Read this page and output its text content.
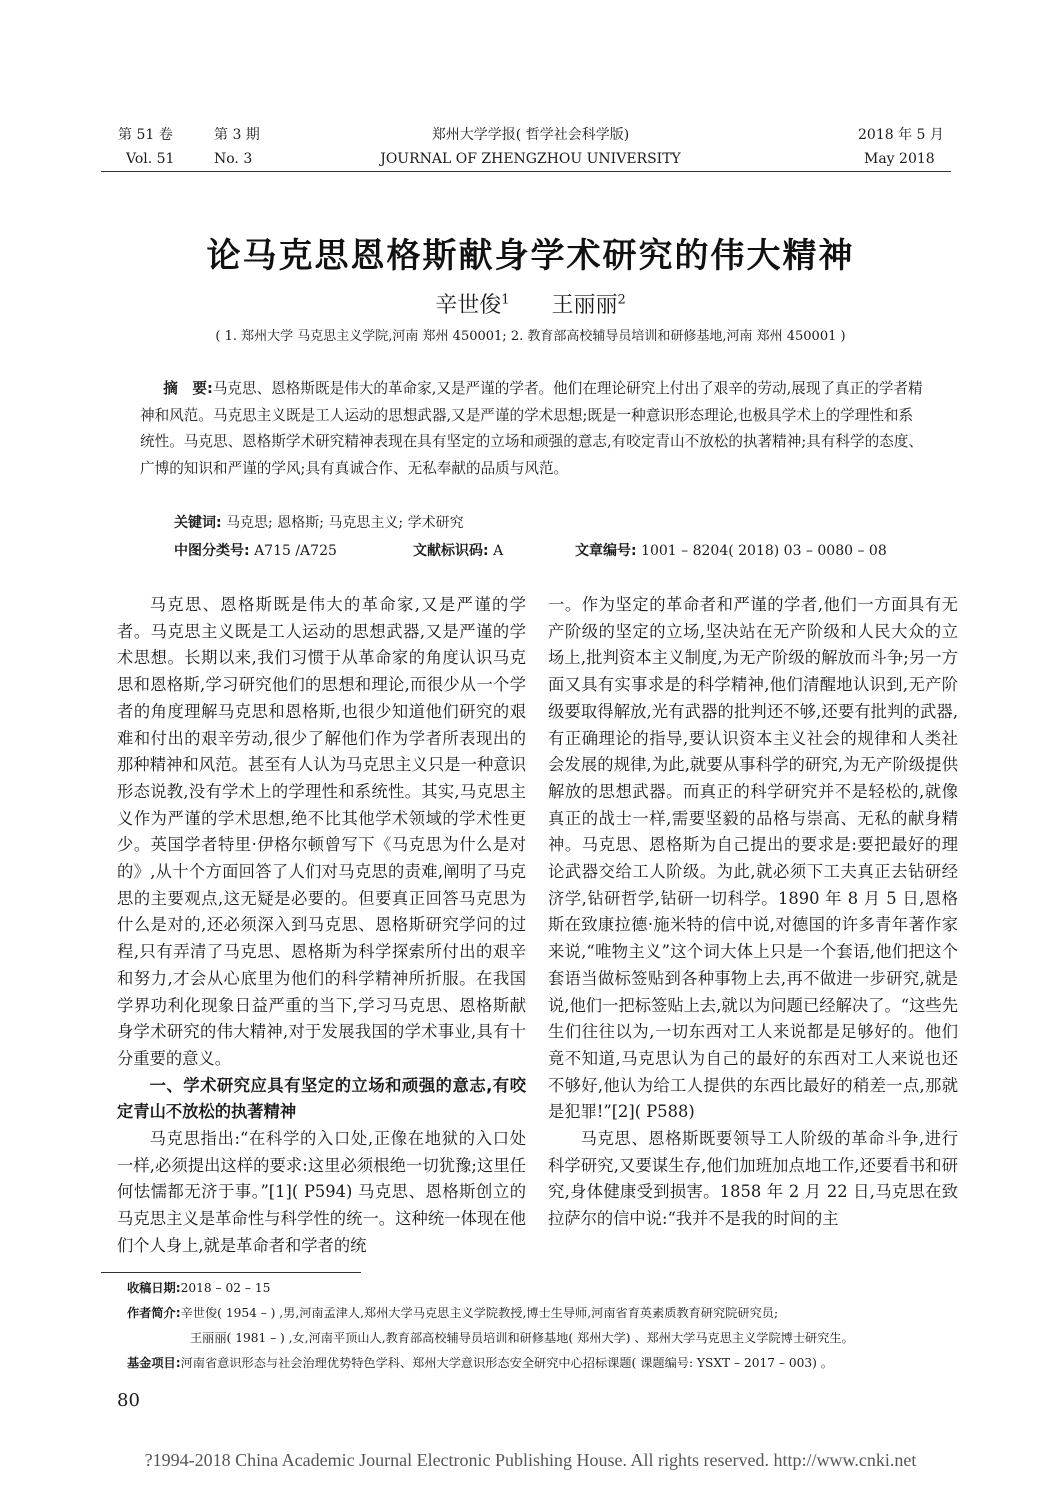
第 51 卷	第 3 期	郑州大学学报( 哲学社会科学版)	2018 年 5 月
Vol. 51	No. 3	JOURNAL OF ZHENGZHOU UNIVERSITY	May 2018
论马克思恩格斯献身学术研究的伟大精神
辛世俊$^1$ 王丽丽$^2$
( 1. 郑州大学 马克思主义学院,河南 郑州 450001; 2. 教育部高校辅导员培训和研修基地,河南 郑州 450001 )
摘　要:马克思、恩格斯既是伟大的革命家,又是严谨的学者。他们在理论研究上付出了艰辛的劳动,展现了真正的学者精神和风范。马克思主义既是工人运动的思想武器,又是严谨的学术思想;既是一种意识形态理论,也极具学术上的学理性和系统性。马克思、恩格斯学术研究精神表现在具有坚定的立场和顽强的意志,有咬定青山不放松的执著精神;具有科学的态度、广博的知识和严谨的学风;具有真诚合作、无私奉献的品质与风范。
关键词: 马克思; 恩格斯; 马克思主义; 学术研究
中图分类号: A715 /A725	文献标识码: A	文章编号: 1001 – 8204( 2018) 03 – 0080 – 08

马克思、恩格斯既是伟大的革命家,又是严谨的学者。马克思主义既是工人运动的思想武器,又是严谨的学术思想。长期以来,我们习惯于从革命家的角度认识马克思和恩格斯,学习研究他们的思想和理论,而很少从一个学者的角度理解马克思和恩格斯,也很少知道他们研究的艰难和付出的艰辛劳动,很少了解他们作为学者所表现出的那种精神和风范。甚至有人认为马克思主义只是一种意识形态说教,没有学术上的学理性和系统性。其实,马克思主义作为严谨的学术思想,绝不比其他学术领域的学术性更少。英国学者特里·伊格尔顿曾写下《马克思为什么是对的》,从十个方面回答了人们对马克思的责难,阐明了马克思的主要观点,这无疑是必要的。但要真正回答马克思为什么是对的,还必须深入到马克思、恩格斯研究学问的过程,只有弄清了马克思、恩格斯为科学探索所付出的艰辛和努力,才会从心底里为他们的科学精神所折服。在我国学界功利化现象日益严重的当下,学习马克思、恩格斯献身学术研究的伟大精神,对于发展我国的学术事业,具有十分重要的意义。

一、学术研究应具有坚定的立场和顽强的意志,有咬定青山不放松的执著精神

马克思指出:“在科学的入口处,正像在地狱的入口处一样,必须提出这样的要求:这里必须根绝一切犹豫;这里任何怯懦都无济于事。”[1]( P594) 马克思、恩格斯创立的马克思主义是革命性与科学性的统一。这种统一体现在他们个人身上,就是革命者和学者的统

一。作为坚定的革命者和严谨的学者,他们一方面具有无产阶级的坚定的立场,坚决站在无产阶级和人民大众的立场上,批判资本主义制度,为无产阶级的解放而斗争;另一方面又具有实事求是的科学精神,他们清醒地认识到,无产阶级要取得解放,光有武器的批判还不够,还要有批判的武器,有正确理论的指导,要认识资本主义社会的规律和人类社会发展的规律,为此,就要从事科学的研究,为无产阶级提供解放的思想武器。而真正的科学研究并不是轻松的,就像真正的战士一样,需要坚毅的品格与崇高、无私的献身精神。马克思、恩格斯为自己提出的要求是:要把最好的理论武器交给工人阶级。为此,就必须下工夫真正去钻研经济学,钻研哲学,钻研一切科学。1890 年 8 月 5 日,恩格斯在致康拉德·施米特的信中说,对德国的许多青年著作家来说,“唯物主义”这个词大体上只是一个套语,他们把这个套语当做标签贴到各种事物上去,再不做进一步研究,就是说,他们一把标签贴上去,就以为问题已经解决了。“这些先生们往往以为,一切东西对工人来说都是足够好的。他们竟不知道,马克思认为自己的最好的东西对工人来说也还不够好,他认为给工人提供的东西比最好的稍差一点,那就是犯罪!”[2]( P588)

马克思、恩格斯既要领导工人阶级的革命斗争,进行科学研究,又要谋生存,他们加班加点地工作,还要看书和研究,身体健康受到损害。1858 年 2 月 22 日,马克思在致拉萨尔的信中说:“我并不是我的时间的主

收稿日期:2018 – 02 – 15
作者简介:辛世俊( 1954 – ) ,男,河南孟津人,郑州大学马克思主义学院教授,博士生导师,河南省育英素质教育研究院研究员;
王丽丽( 1981 – ) ,女,河南平顶山人,教育部高校辅导员培训和研修基地( 郑州大学) 、郑州大学马克思主义学院博士研究生。
基金项目:河南省意识形态与社会治理优势特色学科、郑州大学意识形态安全研究中心招标课题( 课题编号: YSXT – 2017 – 003) 。
80
?1994-2018 China Academic Journal Electronic Publishing House. All rights reserved. http://www.cnki.net
